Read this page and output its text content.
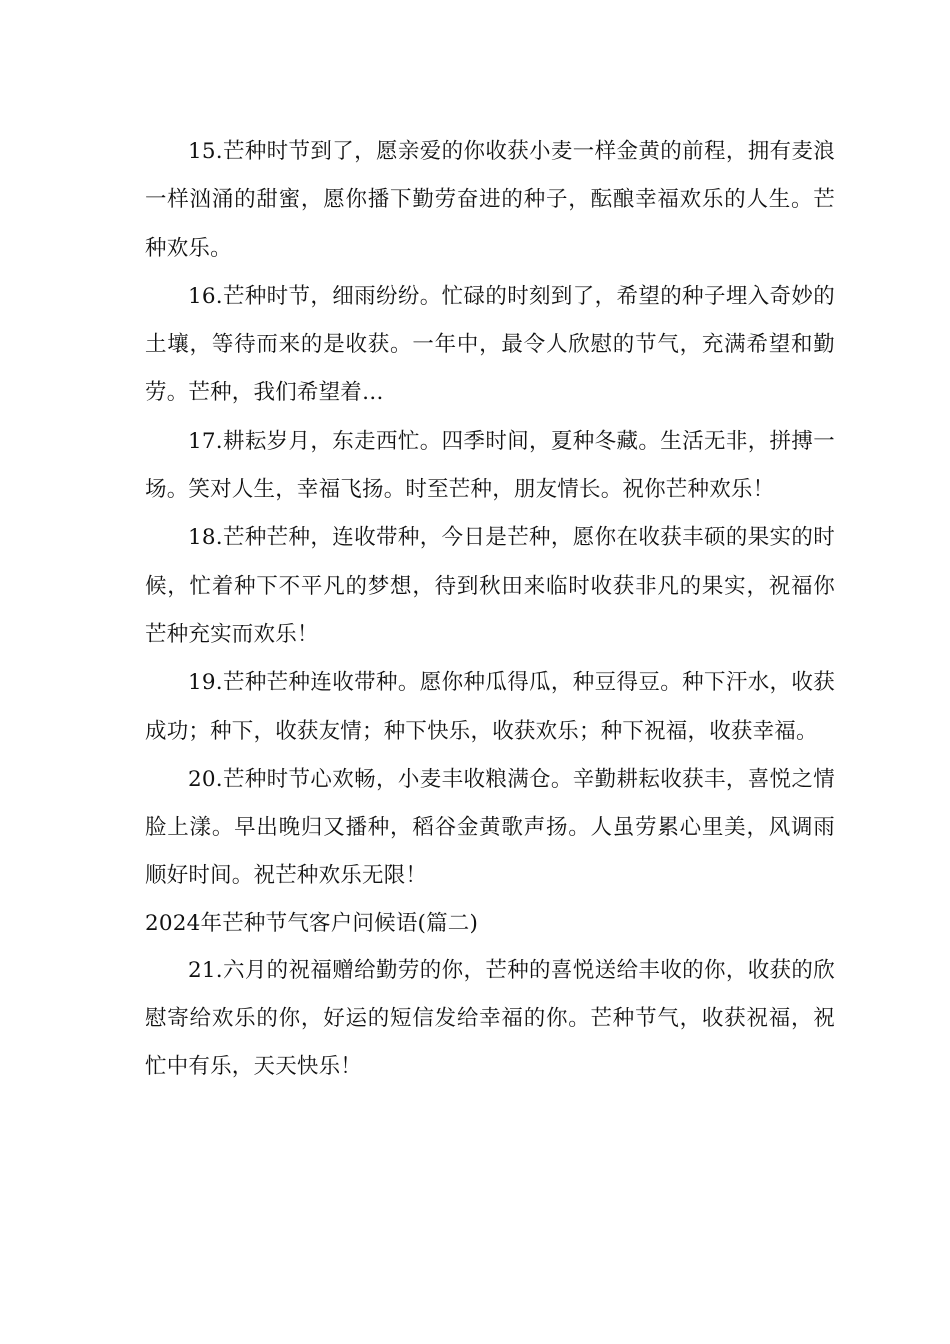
15.芒种时节到了，愿亲爱的你收获小麦一样金黄的前程，拥有麦浪一样汹涌的甜蜜，愿你播下勤劳奋进的种子，酝酿幸福欢乐的人生。芒种欢乐。

16.芒种时节，细雨纷纷。忙碌的时刻到了，希望的种子埋入奇妙的土壤，等待而来的是收获。一年中，最令人欣慰的节气，充满希望和勤劳。芒种，我们希望着…

17.耕耘岁月，东走西忙。四季时间，夏种冬藏。生活无非，拼搏一场。笑对人生，幸福飞扬。时至芒种，朋友情长。祝你芒种欢乐！

18.芒种芒种，连收带种，今日是芒种，愿你在收获丰硕的果实的时候，忙着种下不平凡的梦想，待到秋田来临时收获非凡的果实，祝福你芒种充实而欢乐！

19.芒种芒种连收带种。愿你种瓜得瓜，种豆得豆。种下汗水，收获成功；种下，收获友情；种下快乐，收获欢乐；种下祝福，收获幸福。

20.芒种时节心欢畅，小麦丰收粮满仓。辛勤耕耘收获丰，喜悦之情脸上漾。早出晚归又播种，稻谷金黄歌声扬。人虽劳累心里美，风调雨顺好时间。祝芒种欢乐无限！

2024年芒种节气客户问候语(篇二)

21.六月的祝福赠给勤劳的你，芒种的喜悦送给丰收的你，收获的欣慰寄给欢乐的你，好运的短信发给幸福的你。芒种节气，收获祝福，祝忙中有乐，天天快乐！
